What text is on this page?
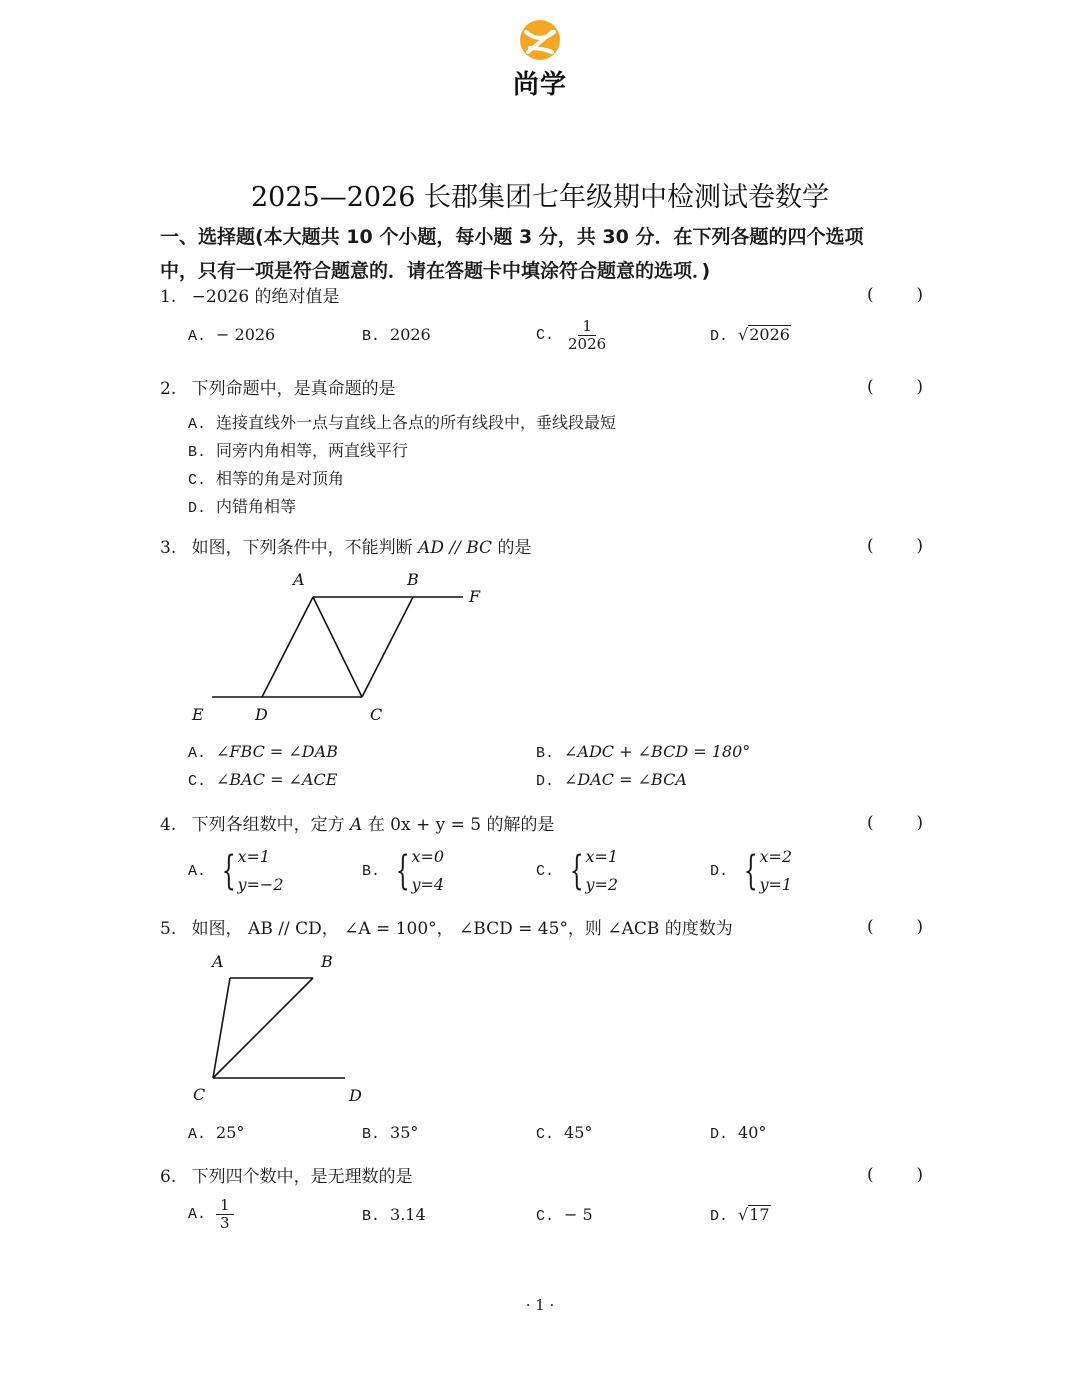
尚学
2025—2026 长郡集团七年级期中检测试卷数学
一、选择题(本大题共 10 个小题，每小题 3 分，共 30 分．在下列各题的四个选项
中，只有一项是符合题意的．请在答题卡中填涂符合题意的选项．)
1. −2026 的绝对值是	(	)
A. − 2026	B. 2026	C. $\frac{1}{2026}$	D. √ 2026
2. 下列命题中，是真命题的是	(	)
A. 连接直线外一点与直线上各点的所有线段中，垂线段最短
B. 同旁内角相等，两直线平行
C. 相等的角是对顶角
D. 内错角相等
3. 如图，下列条件中，不能判断 AD // BC 的是	(	)
A	B
F
E	D	C
A. ∠FBC = ∠DAB	B. ∠ADC + ∠BCD = 180°
C. ∠BAC = ∠ACE	D. ∠DAC = ∠BCA
4. 下列各组数中，定方 A 在 0x + y = 5 的解的是	(	)
A. { x=1
y=−2
B. { x=0
y=4
C. { x=1
y=2
D. { x=2
y=1
5. 如图， AB // CD， ∠A = 100°， ∠BCD = 45°，则 ∠ACB 的度数为	(	)
A	B
C	D
A. 25°	B. 35°	C. 45°	D. 40°
6. 下列四个数中，是无理数的是	(	)
A. $\frac{1}{3}$	B. 3.14	C. − 5	D. √ 17
· 1 ·
